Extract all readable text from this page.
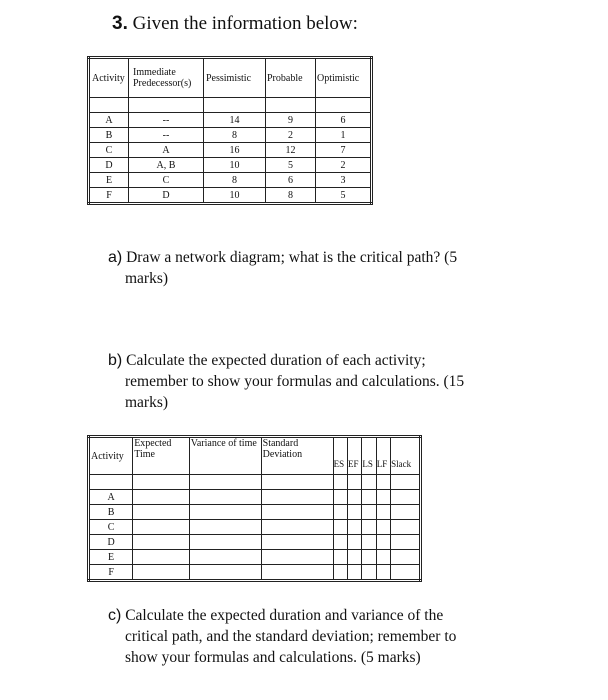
3. Given the information below:
Activity	Immediate Predecessor(s)	Pessimistic	Probable	Optimistic

A	--	14	9	6
B	--	8	2	1
C	A	16	12	7
D	A, B	10	5	2
E	C	8	6	3
F	D	10	8	5
a) Draw a network diagram; what is the critical path? (5
marks)
b) Calculate the expected duration of each activity;
remember to show your formulas and calculations. (15
marks)
Activity	Expected Time	Variance of time	Standard Deviation	ES	EF	LS	LF	Slack

A								
B								
C								
D								
E								
F								
c) Calculate the expected duration and variance of the
critical path, and the standard deviation; remember to
show your formulas and calculations. (5 marks)
